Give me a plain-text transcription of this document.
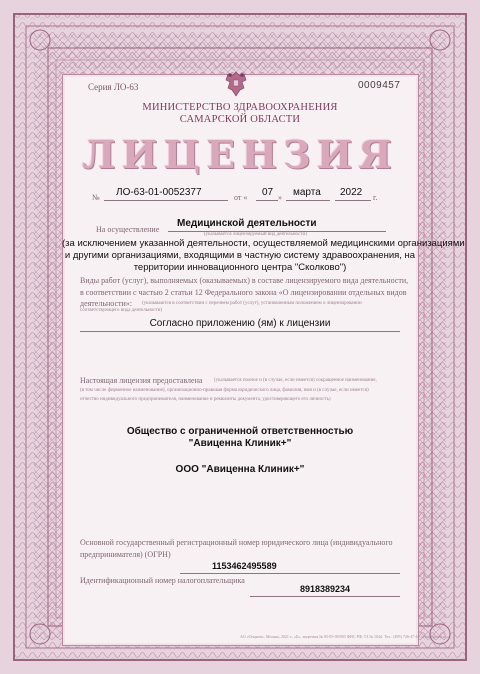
Серия ЛО-63	0009457
МИНИСТЕРСТВО ЗДРАВООХРАНЕНИЯ
САМАРСКОЙ ОБЛАСТИ
ЛИЦЕНЗИЯ
№ ЛО-63-01-0052377	от « 07 » марта 2022 г.
На осуществление
Медицинской деятельности
(указывается лицензируемый вид деятельности)
(за исключением указанной деятельности, осуществляемой медицинскими организациями
и другими организациями, входящими в частную систему здравоохранения, на
территории инновационного центра "Сколково")
Виды работ (услуг), выполняемых (оказываемых) в составе лицензируемого вида деятельности,
в соответствии с частью 2 статьи 12 Федерального закона «О лицензировании отдельных видов
деятельности»: (указываются в соответствии с перечнем работ (услуг), установленным положением о лицензировании
соответствующего вида деятельности)
Согласно приложению (ям) к лицензии
Настоящая лицензия предоставлена (указывается полное и (в случае, если имеется) сокращенное наименование,
(в том числе фирменное наименование), организационно-правовая форма юридического лица, фамилия, имя и (в случае, если имеется)
отчество индивидуального предпринимателя, наименование и реквизиты документа, удостоверяющего его личность)
Общество с ограниченной ответственностью
"Авиценна Клиник+"
ООО "Авиценна Клиник+"
Основной государственный регистрационный номер юридического лица (индивидуального
предпринимателя) (ОГРН)
1153462495589
Идентификационный номер налогоплательщика
8918389234
АО «Опцион», Москва, 2021 г., «Б», лицензия № 05-05-09/003 ФНС РФ, ТЗ № 1044. Тел.: (495) 726-47-42, www.opcion.ru
